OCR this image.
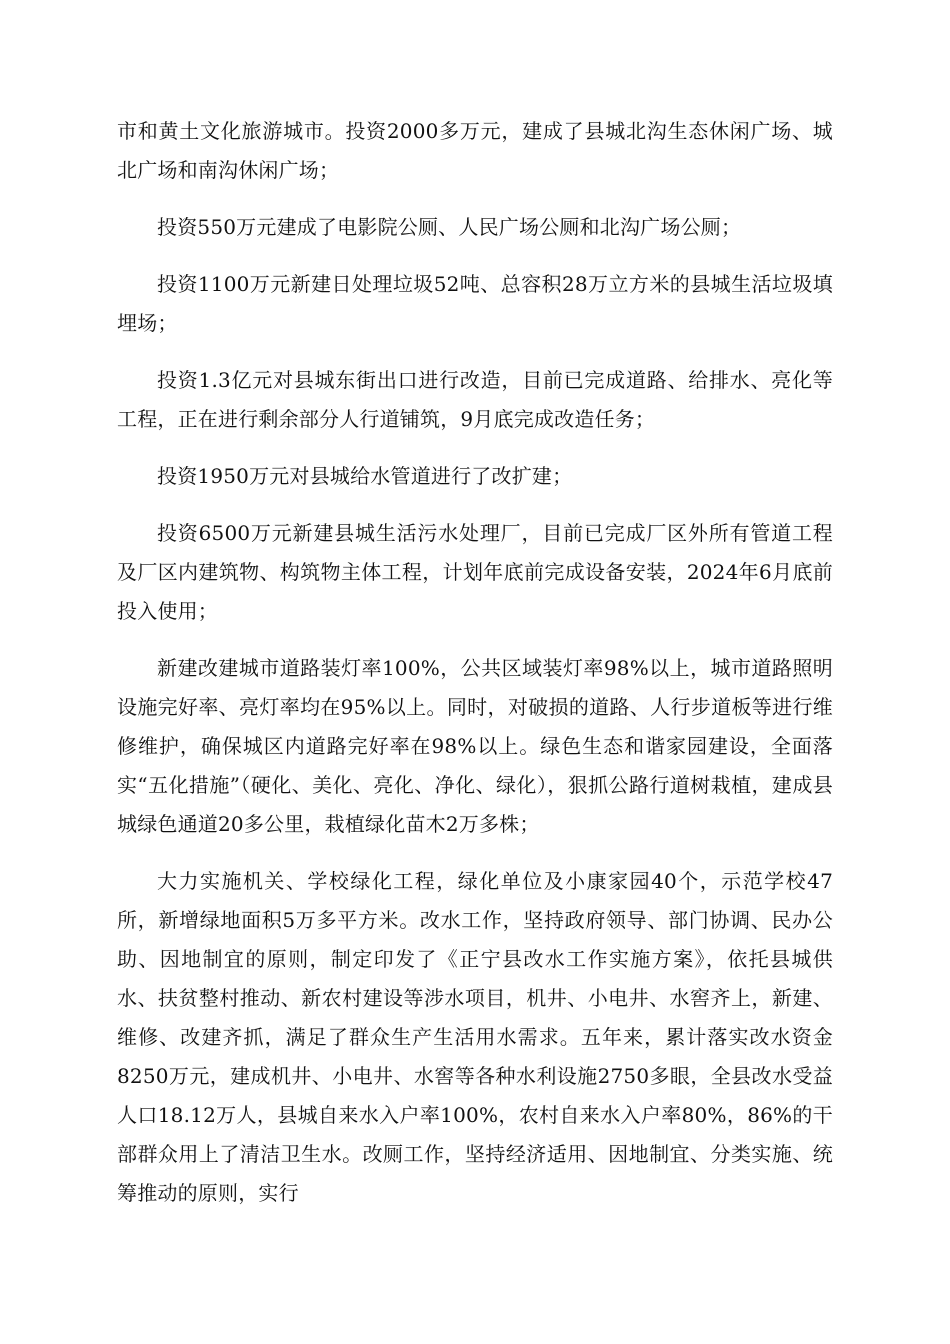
市和黄土文化旅游城市。投资2000多万元，建成了县城北沟生态休闲广场、城北广场和南沟休闲广场；

投资550万元建成了电影院公厕、人民广场公厕和北沟广场公厕；

投资1100万元新建日处理垃圾52吨、总容积28万立方米的县城生活垃圾填埋场；

投资1.3亿元对县城东街出口进行改造，目前已完成道路、给排水、亮化等工程，正在进行剩余部分人行道铺筑，9月底完成改造任务；

投资1950万元对县城给水管道进行了改扩建；

投资6500万元新建县城生活污水处理厂，目前已完成厂区外所有管道工程及厂区内建筑物、构筑物主体工程，计划年底前完成设备安装，2024年6月底前投入使用；

新建改建城市道路装灯率100%，公共区域装灯率98%以上，城市道路照明设施完好率、亮灯率均在95%以上。同时，对破损的道路、人行步道板等进行维修维护，确保城区内道路完好率在98%以上。绿色生态和谐家园建设，全面落实“五化措施”（硬化、美化、亮化、净化、绿化），狠抓公路行道树栽植，建成县城绿色通道20多公里，栽植绿化苗木2万多株；

大力实施机关、学校绿化工程，绿化单位及小康家园40个，示范学校47所，新增绿地面积5万多平方米。改水工作，坚持政府领导、部门协调、民办公助、因地制宜的原则，制定印发了《正宁县改水工作实施方案》，依托县城供水、扶贫整村推动、新农村建设等涉水项目，机井、小电井、水窖齐上，新建、维修、改建齐抓，满足了群众生产生活用水需求。五年来，累计落实改水资金8250万元，建成机井、小电井、水窖等各种水利设施2750多眼，全县改水受益人口18.12万人，县城自来水入户率100%，农村自来水入户率80%，86%的干部群众用上了清洁卫生水。改厕工作，坚持经济适用、因地制宜、分类实施、统筹推动的原则，实行
